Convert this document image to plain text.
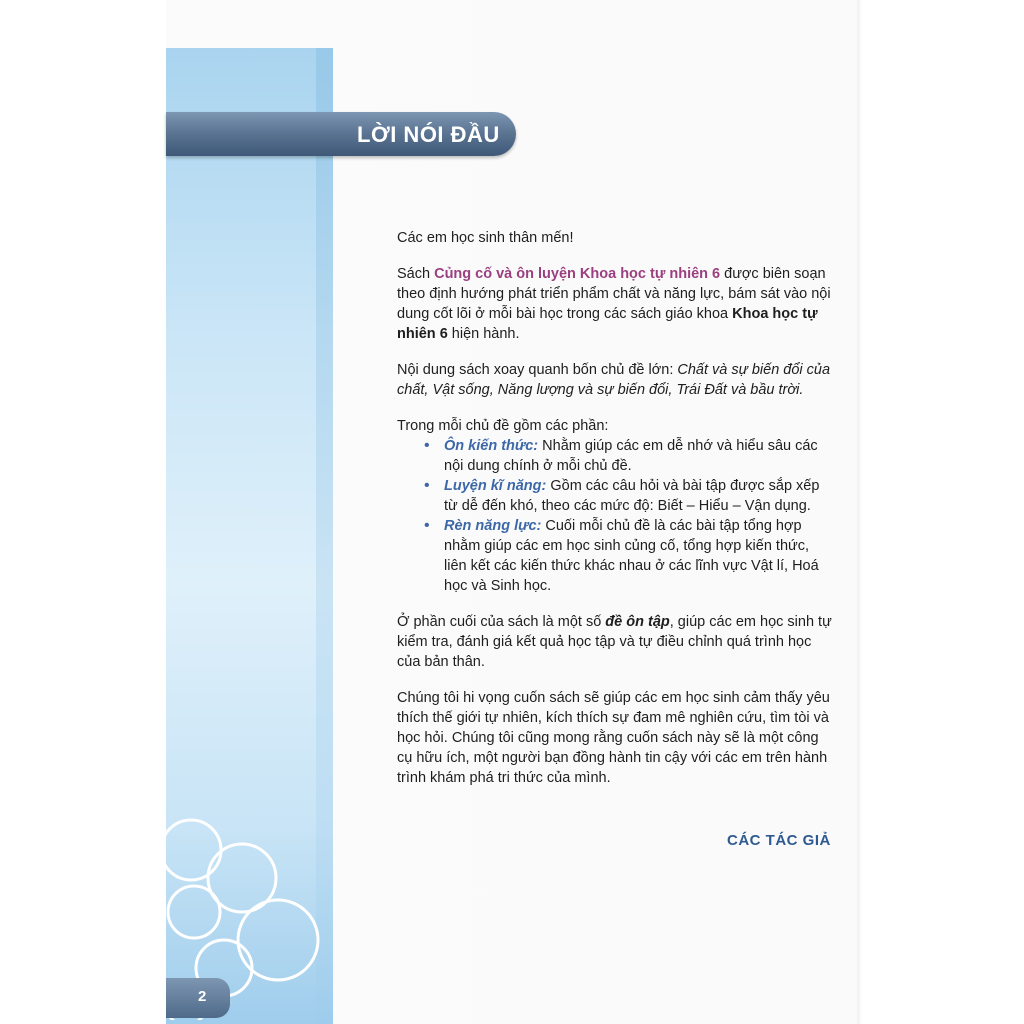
LỜI NÓI ĐẦU

Các em học sinh thân mến!

Sách Củng cố và ôn luyện Khoa học tự nhiên 6 được biên soạn theo định hướng phát triển phẩm chất và năng lực, bám sát vào nội dung cốt lõi ở mỗi bài học trong các sách giáo khoa Khoa học tự nhiên 6 hiện hành.

Nội dung sách xoay quanh bốn chủ đề lớn: Chất và sự biến đổi của chất, Vật sống, Năng lượng và sự biến đổi, Trái Đất và bầu trời.

Trong mỗi chủ đề gồm các phần:

• Ôn kiến thức: Nhằm giúp các em dễ nhớ và hiểu sâu các nội dung chính ở mỗi chủ đề.
• Luyện kĩ năng: Gồm các câu hỏi và bài tập được sắp xếp từ dễ đến khó, theo các mức độ: Biết – Hiểu – Vận dụng.
• Rèn năng lực: Cuối mỗi chủ đề là các bài tập tổng hợp nhằm giúp các em học sinh củng cố, tổng hợp kiến thức, liên kết các kiến thức khác nhau ở các lĩnh vực Vật lí, Hoá học và Sinh học.

Ở phần cuối của sách là một số đề ôn tập, giúp các em học sinh tự kiểm tra, đánh giá kết quả học tập và tự điều chỉnh quá trình học của bản thân.

Chúng tôi hi vọng cuốn sách sẽ giúp các em học sinh cảm thấy yêu thích thế giới tự nhiên, kích thích sự đam mê nghiên cứu, tìm tòi và học hỏi. Chúng tôi cũng mong rằng cuốn sách này sẽ là một công cụ hữu ích, một người bạn đồng hành tin cậy với các em trên hành trình khám phá tri thức của mình.

CÁC TÁC GIẢ
2
